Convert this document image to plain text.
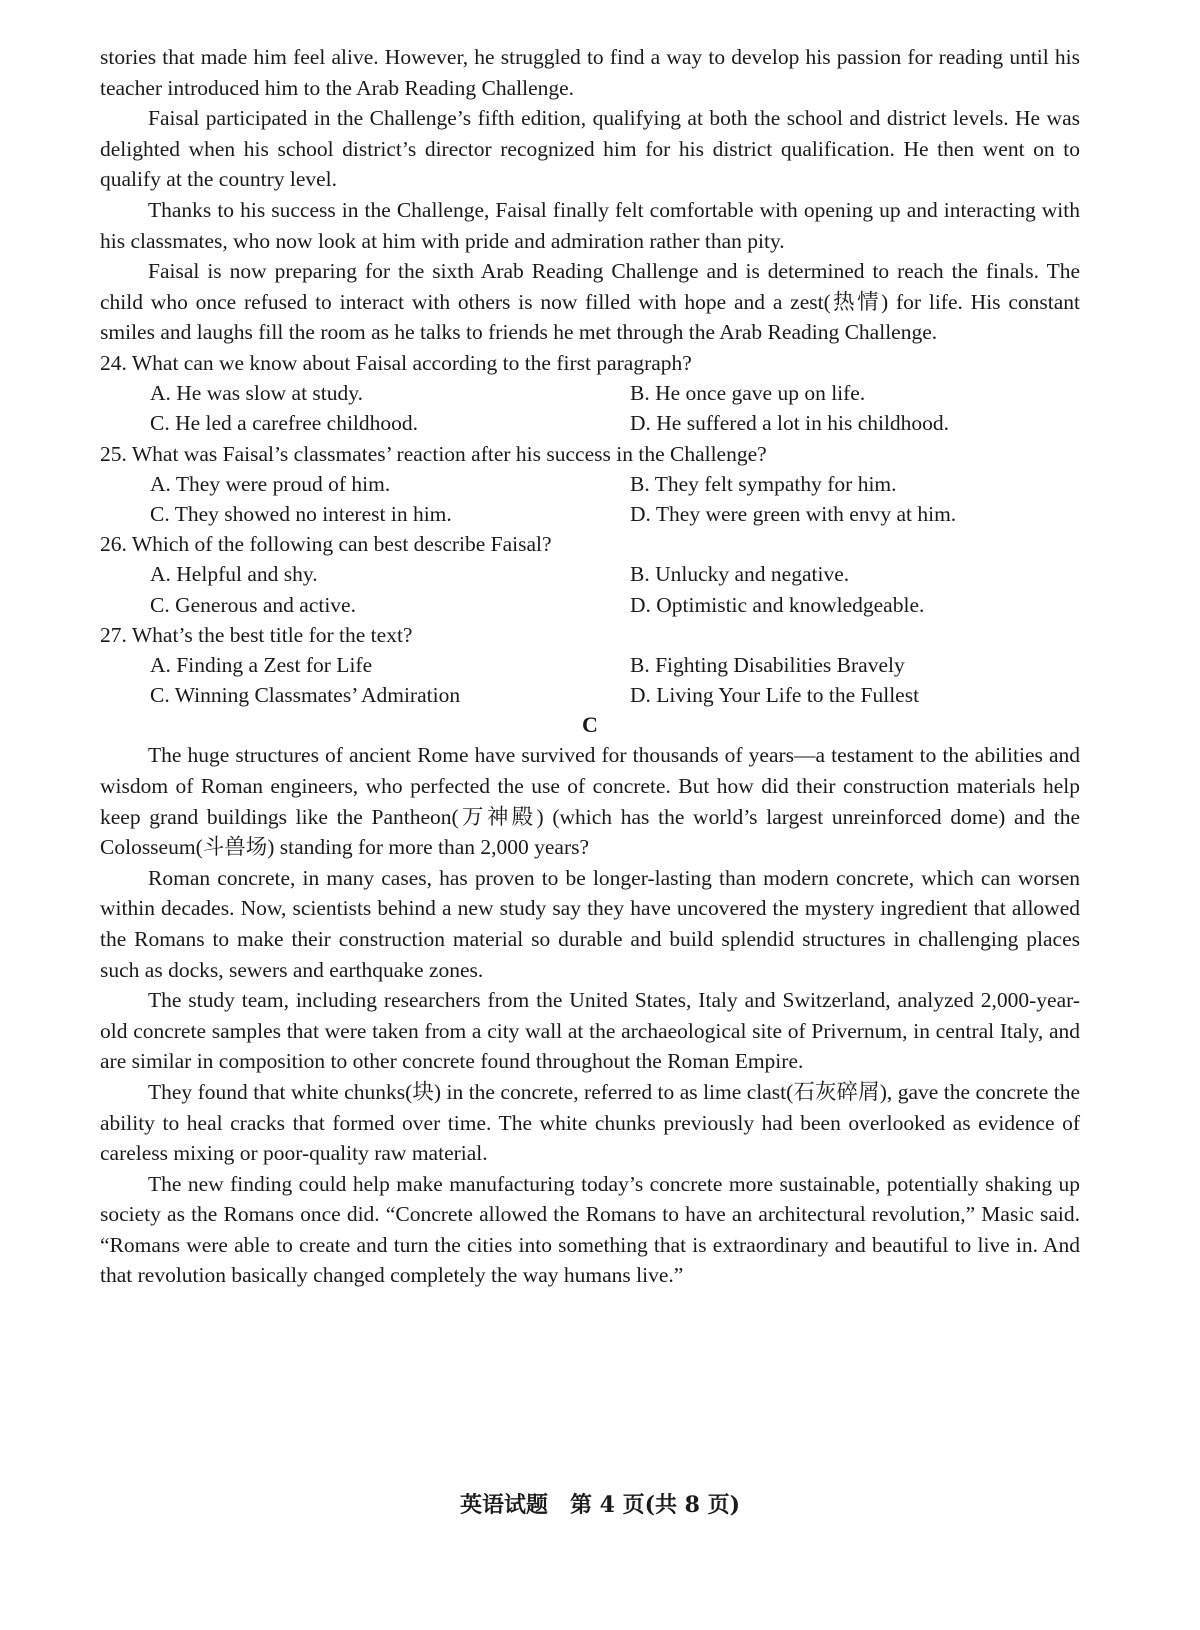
stories that made him feel alive. However, he struggled to find a way to develop his passion for reading until his teacher introduced him to the Arab Reading Challenge.

Faisal participated in the Challenge’s fifth edition, qualifying at both the school and district levels. He was delighted when his school district’s director recognized him for his district qualification. He then went on to qualify at the country level.

Thanks to his success in the Challenge, Faisal finally felt comfortable with opening up and interacting with his classmates, who now look at him with pride and admiration rather than pity.

Faisal is now preparing for the sixth Arab Reading Challenge and is determined to reach the finals. The child who once refused to interact with others is now filled with hope and a zest(热情) for life. His constant smiles and laughs fill the room as he talks to friends he met through the Arab Reading Challenge.

24. What can we know about Faisal according to the first paragraph?

A. He was slow at study.	B. He once gave up on life.
C. He led a carefree childhood.	D. He suffered a lot in his childhood.

25. What was Faisal’s classmates’ reaction after his success in the Challenge?

A. They were proud of him.	B. They felt sympathy for him.
C. They showed no interest in him.	D. They were green with envy at him.

26. Which of the following can best describe Faisal?

A. Helpful and shy.	B. Unlucky and negative.
C. Generous and active.	D. Optimistic and knowledgeable.

27. What’s the best title for the text?

A. Finding a Zest for Life	B. Fighting Disabilities Bravely
C. Winning Classmates’ Admiration	D. Living Your Life to the Fullest

C

The huge structures of ancient Rome have survived for thousands of years—a testament to the abilities and wisdom of Roman engineers, who perfected the use of concrete. But how did their construction materials help keep grand buildings like the Pantheon(万神殿) (which has the world’s largest unreinforced dome) and the Colosseum(斗兽场) standing for more than 2,000 years?

Roman concrete, in many cases, has proven to be longer-lasting than modern concrete, which can worsen within decades. Now, scientists behind a new study say they have uncovered the mystery ingredient that allowed the Romans to make their construction material so durable and build splendid structures in challenging places such as docks, sewers and earthquake zones.

The study team, including researchers from the United States, Italy and Switzerland, analyzed 2,000-year-old concrete samples that were taken from a city wall at the archaeological site of Privernum, in central Italy, and are similar in composition to other concrete found throughout the Roman Empire.

They found that white chunks(块) in the concrete, referred to as lime clast(石灰碎屑), gave the concrete the ability to heal cracks that formed over time. The white chunks previously had been overlooked as evidence of careless mixing or poor-quality raw material.

The new finding could help make manufacturing today’s concrete more sustainable, potentially shaking up society as the Romans once did. “Concrete allowed the Romans to have an architectural revolution,” Masic said. “Romans were able to create and turn the cities into something that is extraordinary and beautiful to live in. And that revolution basically changed completely the way humans live.”

英语试题　第 4 页(共 8 页)
